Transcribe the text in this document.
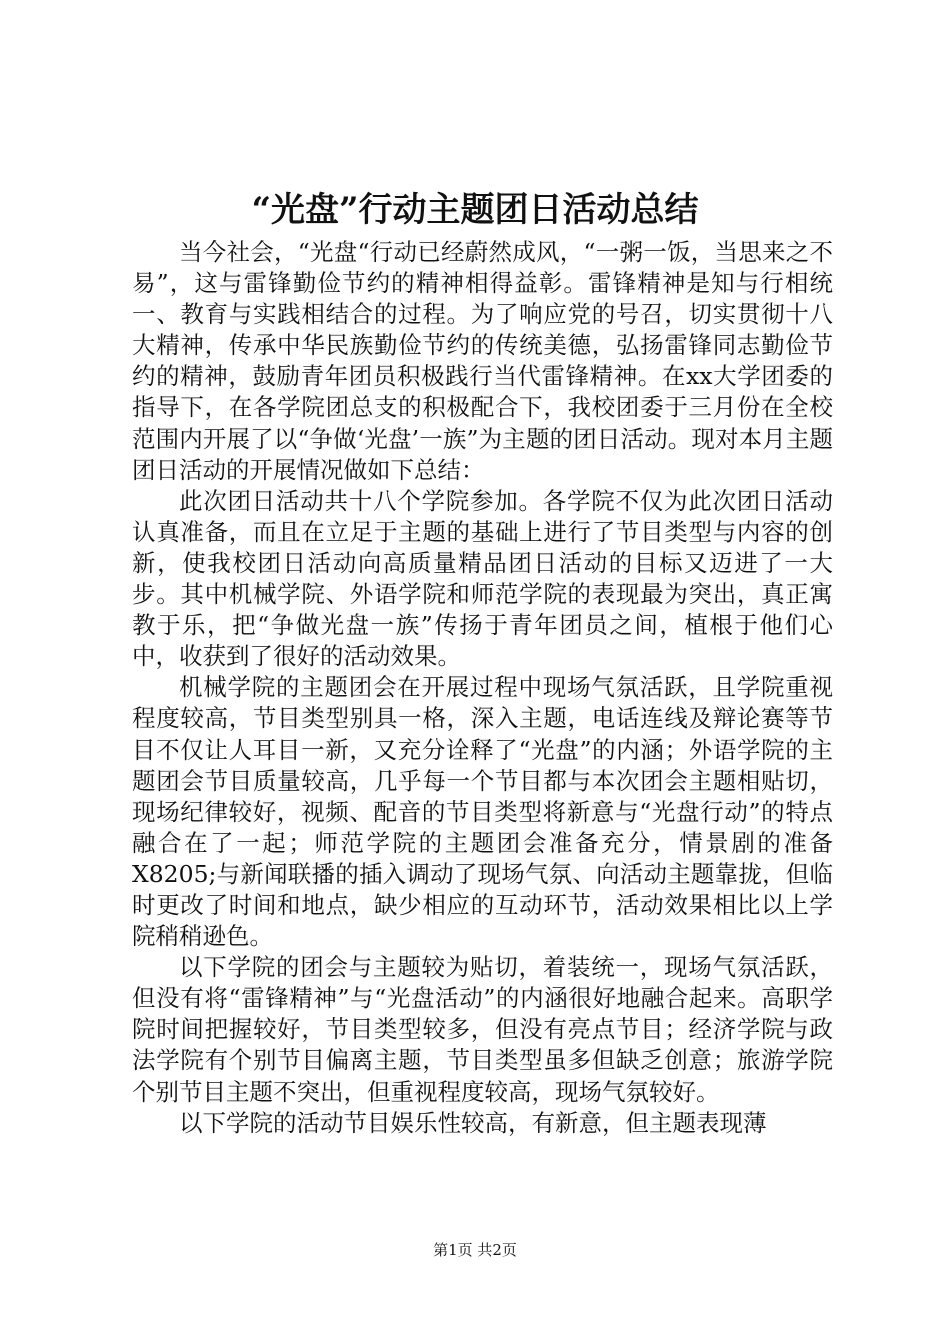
“光盘”行动主题团日活动总结

当今社会，“光盘“行动已经蔚然成风，“一粥一饭，当思来之不易”，这与雷锋勤俭节约的精神相得益彰。雷锋精神是知与行相统一、教育与实践相结合的过程。为了响应党的号召，切实贯彻十八大精神，传承中华民族勤俭节约的传统美德，弘扬雷锋同志勤俭节约的精神，鼓励青年团员积极践行当代雷锋精神。在xx大学团委的指导下，在各学院团总支的积极配合下，我校团委于三月份在全校范围内开展了以“争做‘光盘’一族”为主题的团日活动。现对本月主题团日活动的开展情况做如下总结：

此次团日活动共十八个学院参加。各学院不仅为此次团日活动认真准备，而且在立足于主题的基础上进行了节目类型与内容的创新，使我校团日活动向高质量精品团日活动的目标又迈进了一大步。其中机械学院、外语学院和师范学院的表现最为突出，真正寓教于乐，把“争做光盘一族”传扬于青年团员之间，植根于他们心中，收获到了很好的活动效果。

机械学院的主题团会在开展过程中现场气氛活跃，且学院重视程度较高，节目类型别具一格，深入主题，电话连线及辩论赛等节目不仅让人耳目一新，又充分诠释了“光盘”的内涵；外语学院的主题团会节目质量较高，几乎每一个节目都与本次团会主题相贴切，现场纪律较好，视频、配音的节目类型将新意与“光盘行动”的特点融合在了一起；师范学院的主题团会准备充分，情景剧的准备X8205;与新闻联播的插入调动了现场气氛、向活动主题靠拢，但临时更改了时间和地点，缺少相应的互动环节，活动效果相比以上学院稍稍逊色。

以下学院的团会与主题较为贴切，着装统一，现场气氛活跃，但没有将“雷锋精神”与“光盘活动”的内涵很好地融合起来。高职学院时间把握较好，节目类型较多，但没有亮点节目；经济学院与政法学院有个别节目偏离主题，节目类型虽多但缺乏创意；旅游学院个别节目主题不突出，但重视程度较高，现场气氛较好。

以下学院的活动节目娱乐性较高，有新意，但主题表现薄

第1页 共2页
